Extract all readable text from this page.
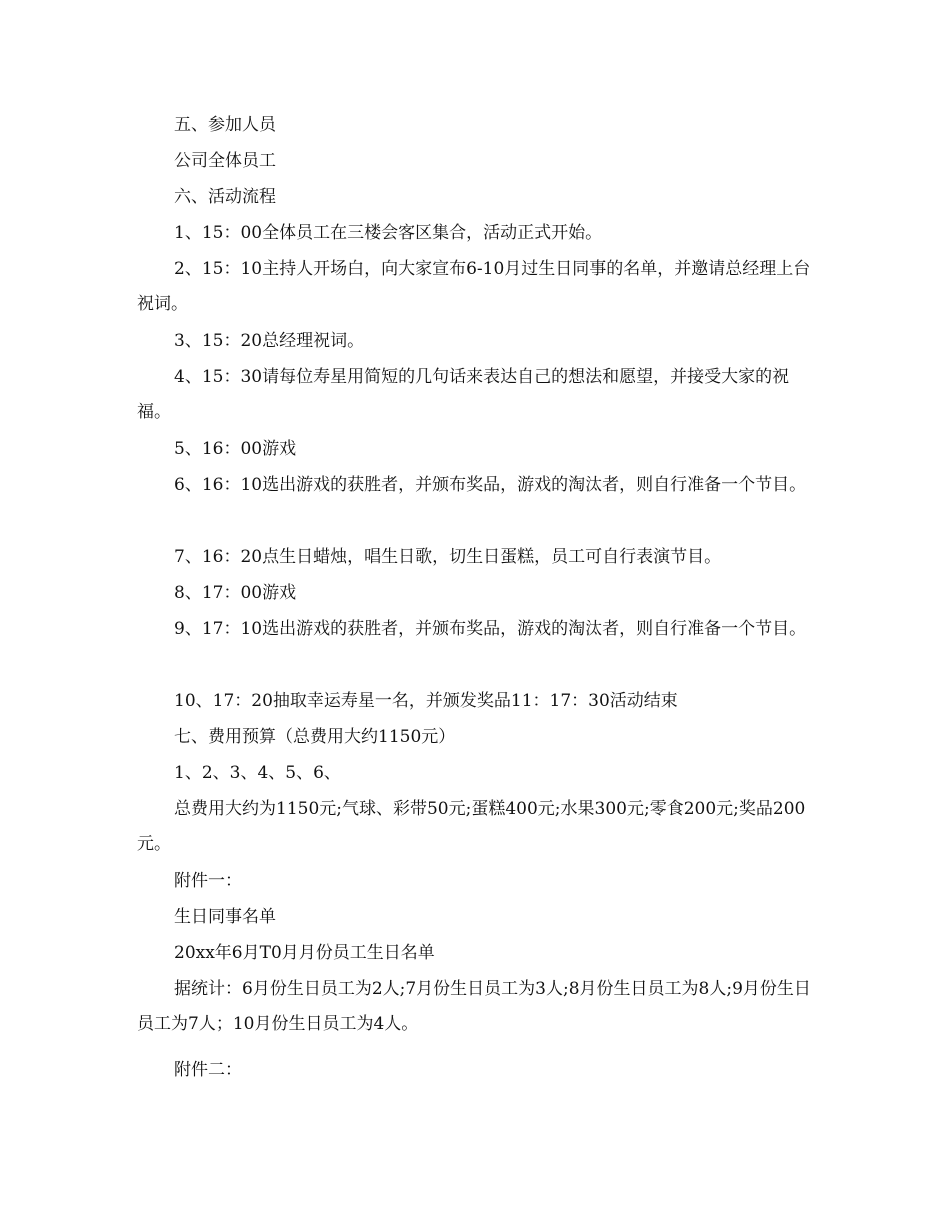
五、参加人员

公司全体员工

六、活动流程

1、15：00全体员工在三楼会客区集合，活动正式开始。

2、15：10主持人开场白，向大家宣布6-10月过生日同事的名单，并邀请总经理上台祝词。

3、15：20总经理祝词。

4、15：30请每位寿星用简短的几句话来表达自己的想法和愿望，并接受大家的祝福。

5、16：00游戏

6、16：10选出游戏的获胜者，并颁布奖品，游戏的淘汰者，则自行准备一个节目。

7、16：20点生日蜡烛，唱生日歌，切生日蛋糕，员工可自行表演节目。

8、17：00游戏

9、17：10选出游戏的获胜者，并颁布奖品，游戏的淘汰者，则自行准备一个节目。

10、17：20抽取幸运寿星一名，并颁发奖品11：17：30活动结束

七、费用预算（总费用大约1150元）

1、2、3、4、5、6、

总费用大约为1150元;气球、彩带50元;蛋糕400元;水果300元;零食200元;奖品200元。

附件一：

生日同事名单

20xx年6月T0月月份员工生日名单

据统计：6月份生日员工为2人;7月份生日员工为3人;8月份生日员工为8人;9月份生日员工为7人；10月份生日员工为4人。

附件二：
